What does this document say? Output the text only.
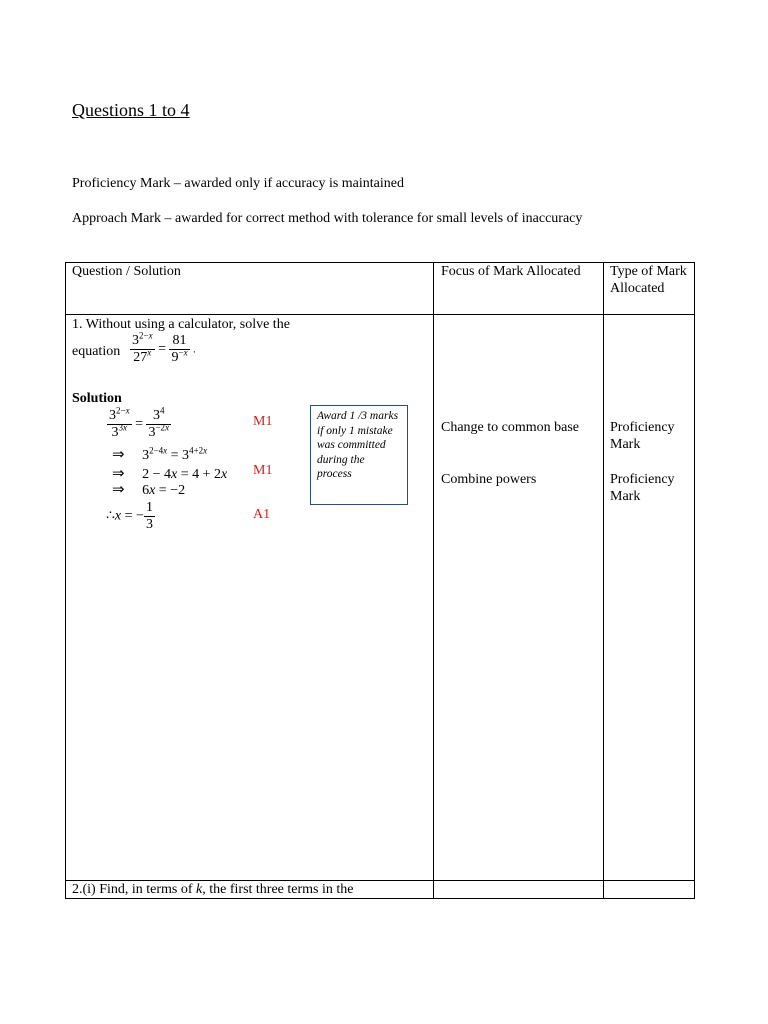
Questions 1 to 4
Proficiency Mark – awarded only if accuracy is maintained
Approach Mark – awarded for correct method with tolerance for small levels of inaccuracy
Question / Solution	Focus of Mark Allocated Type of Mark Allocated
1. Without using a calculator, solve the
equation $\frac{3^{2-x}}{27^x} = \frac{81}{9^{-x}}$ .
Solution
$\frac{3^{2-x}}{3^{3x}} = \frac{3^4}{3^{-2x}}$
⇒ $3^{2-4x} = 3^{4+2x}$
⇒ 2 − 4x = 4 + 2x
⇒ 6x = −2
∴x = − $\frac{1}{3}$
M1
M1
A1
Award 1 /3 marks if only 1 mistake was committed during the process
Change to common base
Combine powers
Proficiency Mark
Proficiency Mark
2.(i) Find, in terms of k, the first three terms in the
